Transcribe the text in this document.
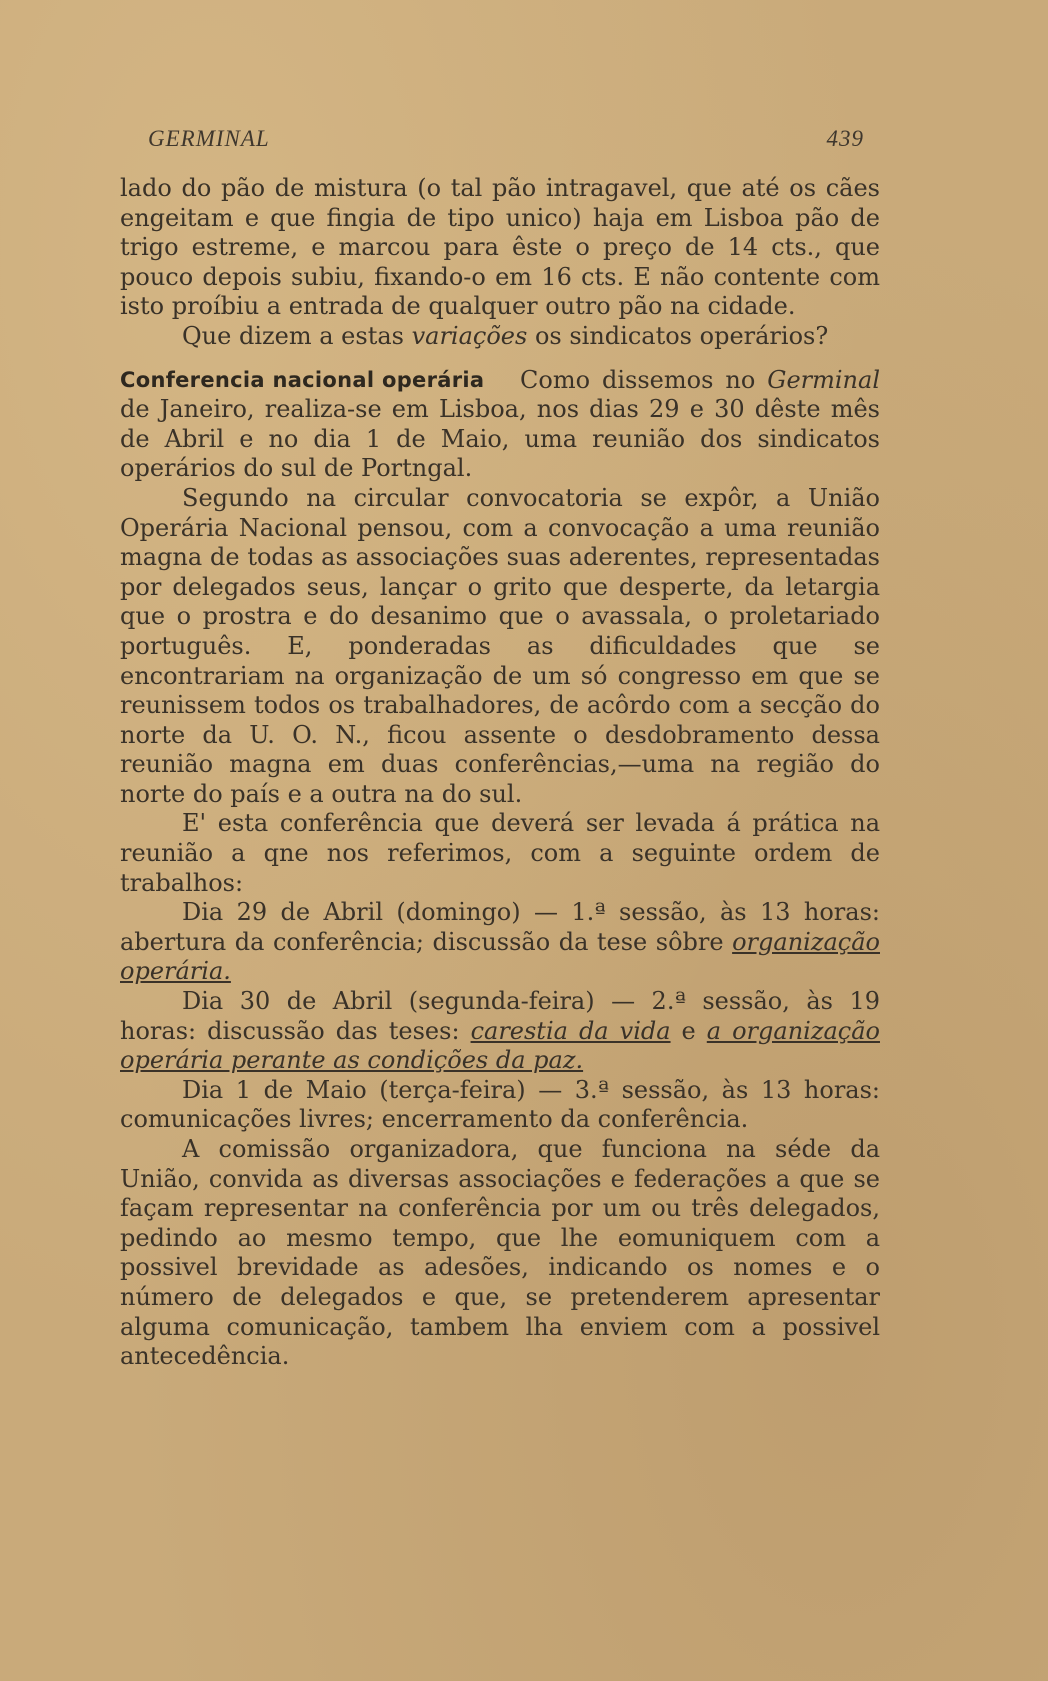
GERMINAL	439

lado do pão de mistura (o tal pão intragavel, que até os cães engeitam e que fingia de tipo unico) haja em Lisboa pão de trigo estreme, e marcou para êste o preço de 14 cts., que pouco depois subiu, fixando-o em 16 cts. E não contente com isto proíbiu a entrada de qualquer outro pão na cidade.

Que dizem a estas variações os sindicatos operários?

Conferencia nacional operária	Como dissemos no Germinal de Janeiro, realiza-se em Lisboa, nos dias 29 e 30 dêste mês de Abril e no dia 1 de Maio, uma reunião dos sindicatos operários do sul de Portngal.

Segundo na circular convocatoria se expôr, a União Operária Nacional pensou, com a convocação a uma reunião magna de todas as associações suas aderentes, representadas por delegados seus, lançar o grito que desperte, da letargia que o prostra e do desanimo que o avassala, o proletariado português. E, ponderadas as dificuldades que se encontrariam na organização de um só congresso em que se reunissem todos os trabalhadores, de acôrdo com a secção do norte da U. O. N., ficou assente o desdobramento dessa reunião magna em duas conferências,—uma na região do norte do país e a outra na do sul.

E' esta conferência que deverá ser levada á prática na reunião a qne nos referimos, com a seguinte ordem de trabalhos:

Dia 29 de Abril (domingo) — 1.ª sessão, às 13 horas: abertura da conferência; discussão da tese sôbre organização operária.

Dia 30 de Abril (segunda-feira) — 2.ª sessão, às 19 horas: discussão das teses: carestia da vida e a organização operária perante as condições da paz.

Dia 1 de Maio (terça-feira) — 3.ª sessão, às 13 horas: comunicações livres; encerramento da conferência.

A comissão organizadora, que funciona na séde da União, convida as diversas associações e federações a que se façam representar na conferência por um ou três delegados, pedindo ao mesmo tempo, que lhe eomuniquem com a possivel brevidade as adesões, indicando os nomes e o número de delegados e que, se pretenderem apresentar alguma comunicação, tambem lha enviem com a possivel antecedência.
